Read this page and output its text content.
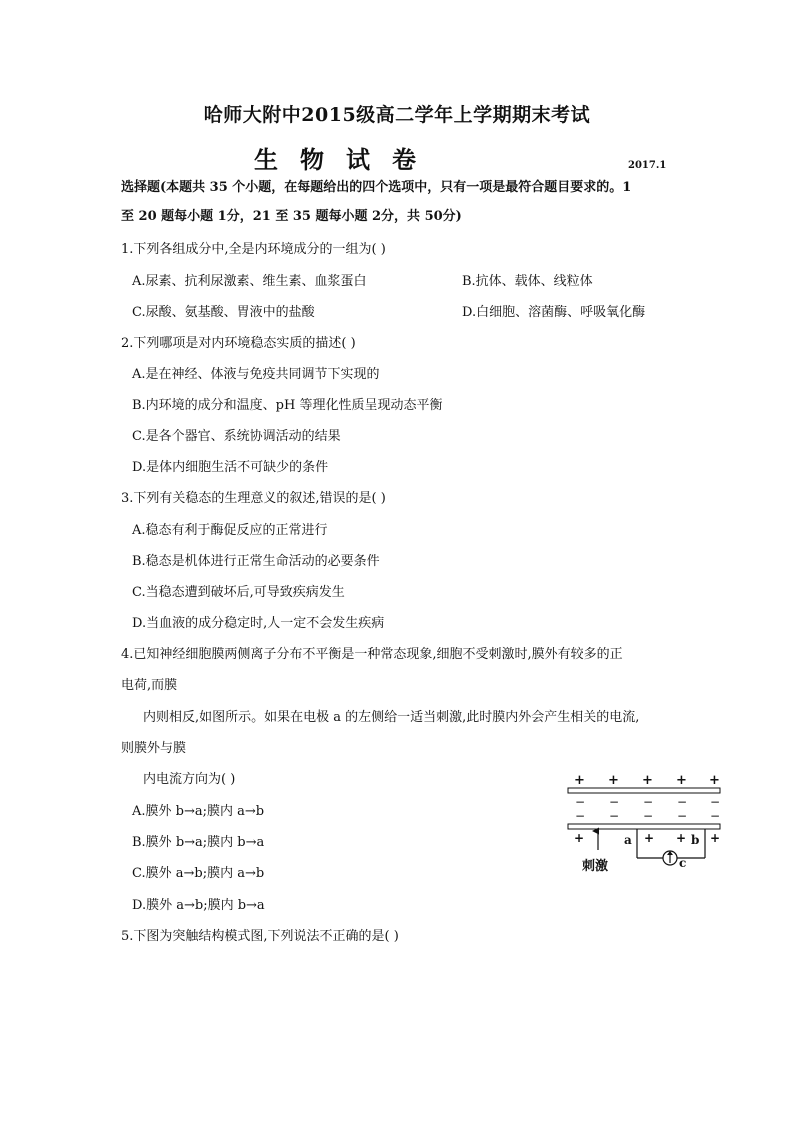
哈师大附中2015级高二学年上学期期末考试
生物试卷	2017.1
选择题(本题共 35 个小题，在每题给出的四个选项中，只有一项是最符合题目要求的。1
至 20 题每小题 1分，21 至 35 题每小题 2分，共 50分)
1.下列各组成分中,全是内环境成分的一组为( )
A.尿素、抗利尿激素、维生素、血浆蛋白	B.抗体、载体、线粒体
C.尿酸、氨基酸、胃液中的盐酸	D.白细胞、溶菌酶、呼吸氧化酶
2.下列哪项是对内环境稳态实质的描述( )
A.是在神经、体液与免疫共同调节下实现的
B.内环境的成分和温度、pH 等理化性质呈现动态平衡
C.是各个器官、系统协调活动的结果
D.是体内细胞生活不可缺少的条件
3.下列有关稳态的生理意义的叙述,错误的是( )
A.稳态有利于酶促反应的正常进行
B.稳态是机体进行正常生命活动的必要条件
C.当稳态遭到破坏后,可导致疾病发生
D.当血液的成分稳定时,人一定不会发生疾病
4.已知神经细胞膜两侧离子分布不平衡是一种常态现象,细胞不受刺激时,膜外有较多的正
电荷,而膜
内则相反,如图所示。如果在电极 a 的左侧给一适当刺激,此时膜内外会产生相关的电流,
则膜外与膜
内电流方向为( )
A.膜外 b→a;膜内 a→b
B.膜外 b→a;膜内 b→a
C.膜外 a→b;膜内 a→b
D.膜外 a→b;膜内 b→a
5.下图为突触结构模式图,下列说法不正确的是( )
+ + + + +
− − − − −
− − − − −
+	+ + +
a	b
c
刺激
